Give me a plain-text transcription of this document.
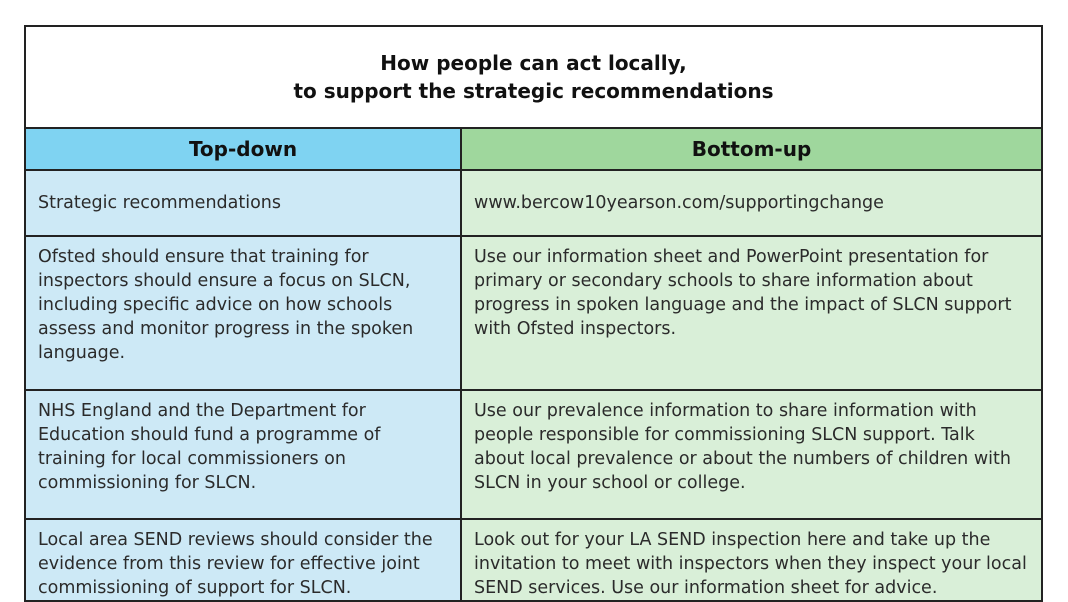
How people can act locally,
to support the strategic recommendations
Top-down	Bottom-up
Strategic recommendations	www.bercow10yearson.com/supportingchange
Ofsted should ensure that training for inspectors should ensure a focus on SLCN, including specific advice on how schools assess and monitor progress in the spoken language.
Use our information sheet and PowerPoint presentation for primary or secondary schools to share information about progress in spoken language and the impact of SLCN support with Ofsted inspectors.
NHS England and the Department for Education should fund a programme of training for local commissioners on commissioning for SLCN.
Use our prevalence information to share information with people responsible for commissioning SLCN support. Talk about local prevalence or about the numbers of children with SLCN in your school or college.
Local area SEND reviews should consider the evidence from this review for effective joint commissioning of support for SLCN.
Look out for your LA SEND inspection here and take up the invitation to meet with inspectors when they inspect your local SEND services. Use our information sheet for advice.
